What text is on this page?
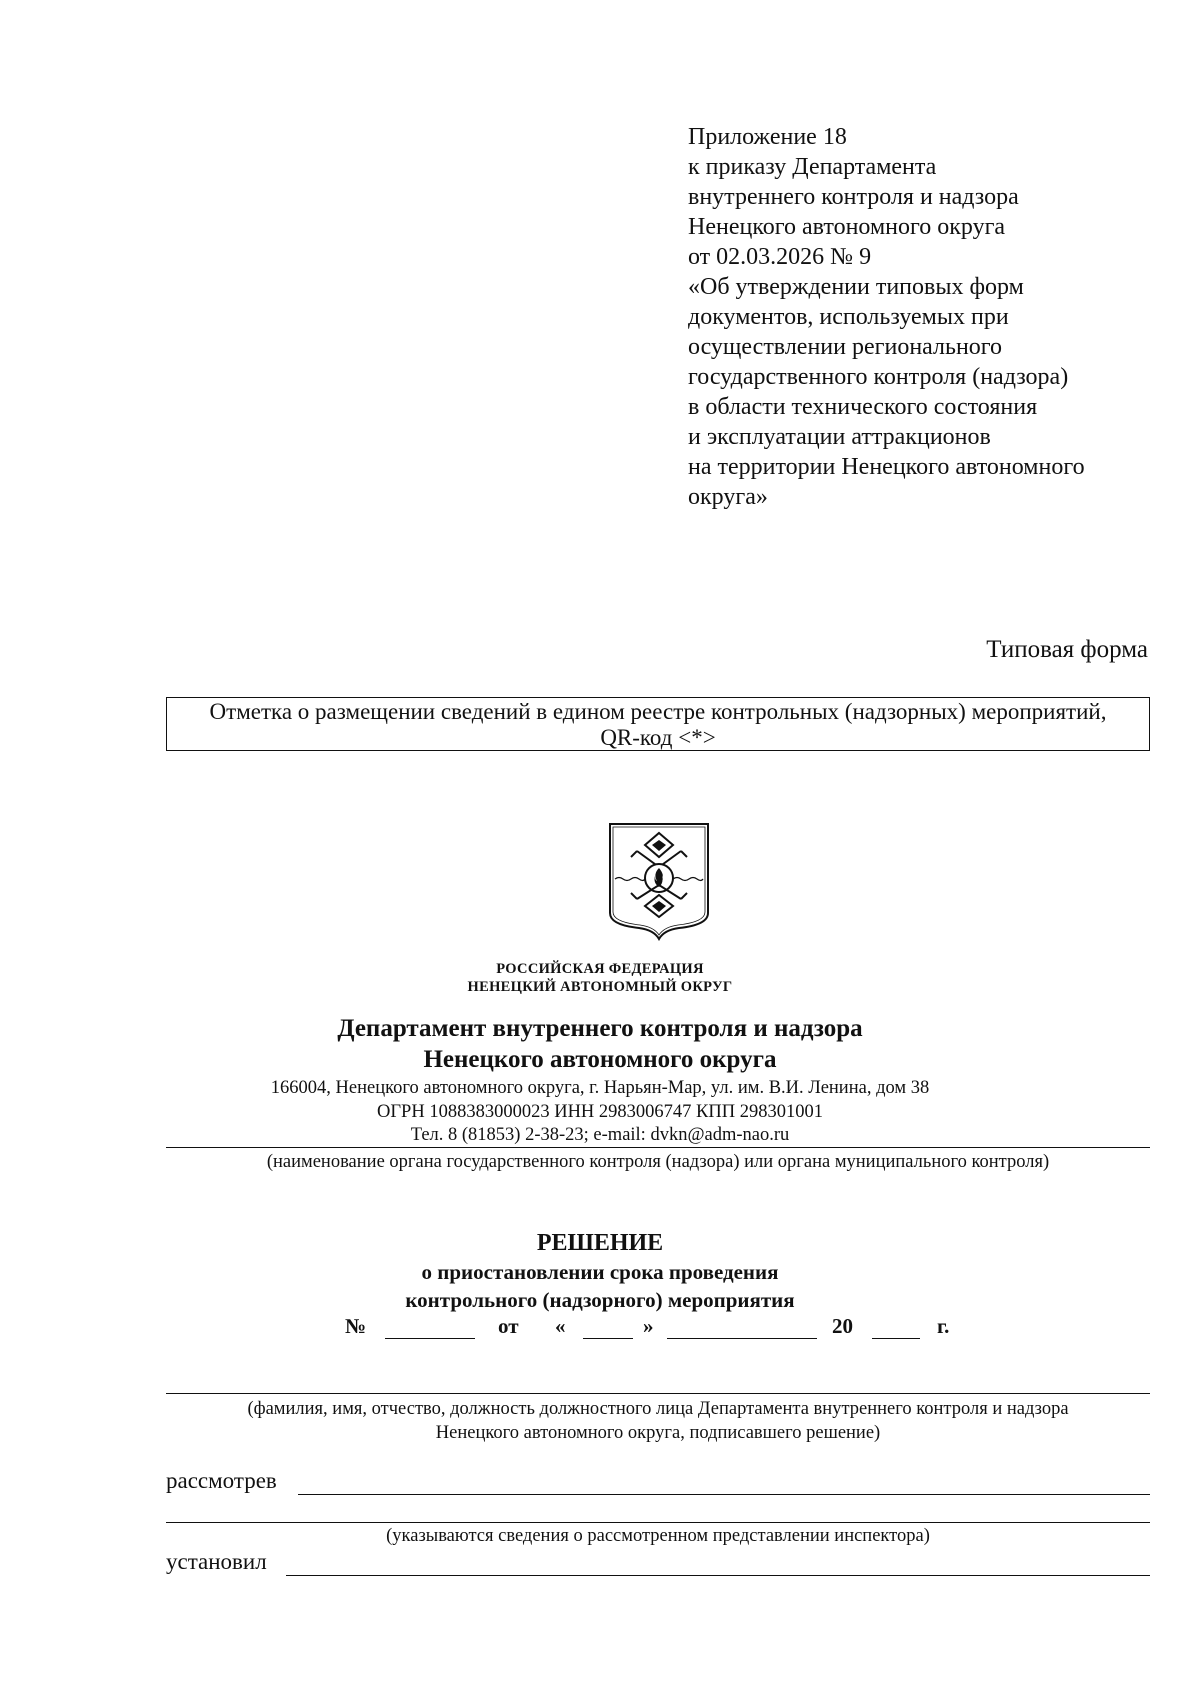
Приложение 18
к приказу Департамента
внутреннего контроля и надзора
Ненецкого автономного округа
от 02.03.2026 № 9
«Об утверждении типовых форм
документов, используемых при
осуществлении регионального
государственного контроля (надзора)
в области технического состояния
и эксплуатации аттракционов
на территории Ненецкого автономного
округа»
Типовая форма
Отметка о размещении сведений в едином реестре контрольных (надзорных) мероприятий,
QR-код <*>
РОССИЙСКАЯ ФЕДЕРАЦИЯ
НЕНЕЦКИЙ АВТОНОМНЫЙ ОКРУГ
Департамент внутреннего контроля и надзора
Ненецкого автономного округа
166004, Ненецкого автономного округа, г. Нарьян-Мар, ул. им. В.И. Ленина, дом 38
ОГРН 1088383000023 ИНН 2983006747 КПП 298301001
Тел. 8 (81853) 2-38-23; e-mail: dvkn@adm-nao.ru
(наименование органа государственного контроля (надзора) или органа муниципального контроля)
РЕШЕНИЕ
о приостановлении срока проведения
контрольного (надзорного) мероприятия
№	от «	»	20	г.
(фамилия, имя, отчество, должность должностного лица Департамента внутреннего контроля и надзора
Ненецкого автономного округа, подписавшего решение)
рассмотрев
(указываются сведения о рассмотренном представлении инспектора)
установил
